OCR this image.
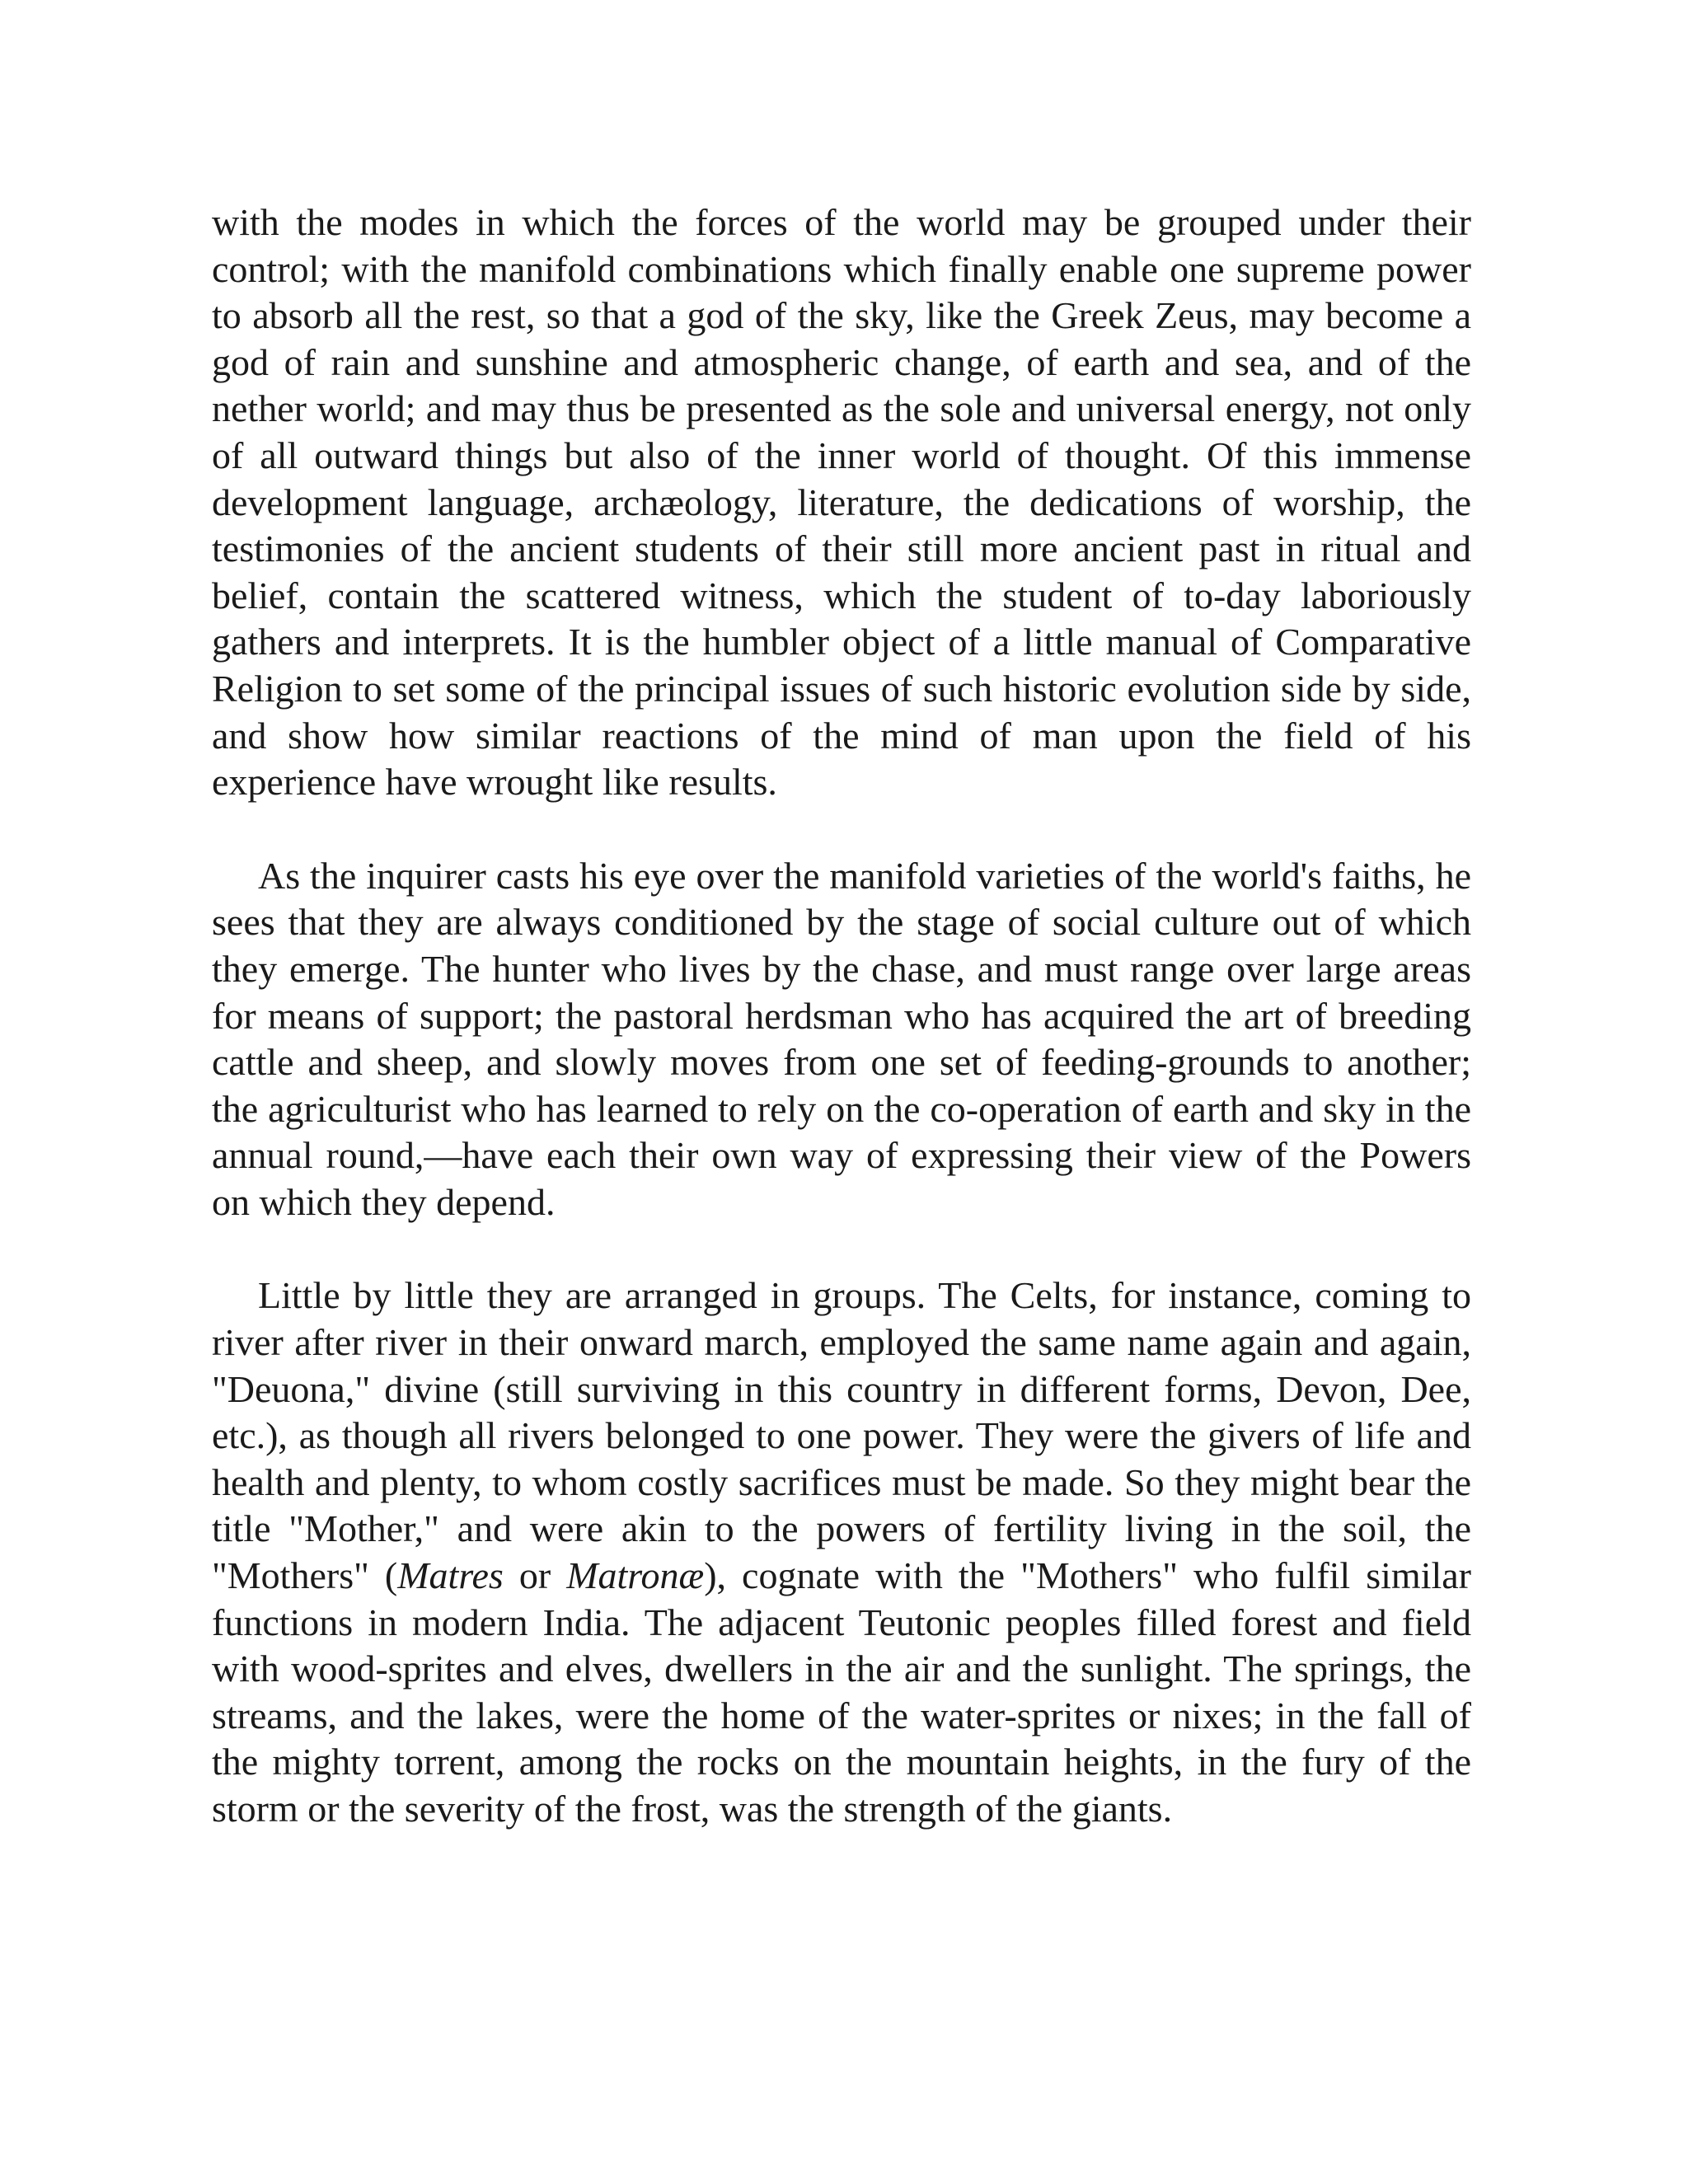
with the modes in which the forces of the world may be grouped under their control; with the manifold combinations which finally enable one supreme power to absorb all the rest, so that a god of the sky, like the Greek Zeus, may become a god of rain and sunshine and atmospheric change, of earth and sea, and of the nether world; and may thus be presented as the sole and universal energy, not only of all outward things but also of the inner world of thought. Of this immense development language, archæology, literature, the dedications of worship, the testimonies of the ancient students of their still more ancient past in ritual and belief, contain the scattered witness, which the student of to-day laboriously gathers and interprets. It is the humbler object of a little manual of Comparative Religion to set some of the principal issues of such historic evolution side by side, and show how similar reactions of the mind of man upon the field of his experience have wrought like results.

As the inquirer casts his eye over the manifold varieties of the world's faiths, he sees that they are always conditioned by the stage of social culture out of which they emerge. The hunter who lives by the chase, and must range over large areas for means of support; the pastoral herdsman who has acquired the art of breeding cattle and sheep, and slowly moves from one set of feeding-grounds to another; the agriculturist who has learned to rely on the co-operation of earth and sky in the annual round,—have each their own way of expressing their view of the Powers on which they depend.

Little by little they are arranged in groups. The Celts, for instance, coming to river after river in their onward march, employed the same name again and again, "Deuona," divine (still surviving in this country in different forms, Devon, Dee, etc.), as though all rivers belonged to one power. They were the givers of life and health and plenty, to whom costly sacrifices must be made. So they might bear the title "Mother," and were akin to the powers of fertility living in the soil, the "Mothers" (Matres or Matronæ), cognate with the "Mothers" who fulfil similar functions in modern India. The adjacent Teutonic peoples filled forest and field with wood-sprites and elves, dwellers in the air and the sunlight. The springs, the streams, and the lakes, were the home of the water-sprites or nixes; in the fall of the mighty torrent, among the rocks on the mountain heights, in the fury of the storm or the severity of the frost, was the strength of the giants.
